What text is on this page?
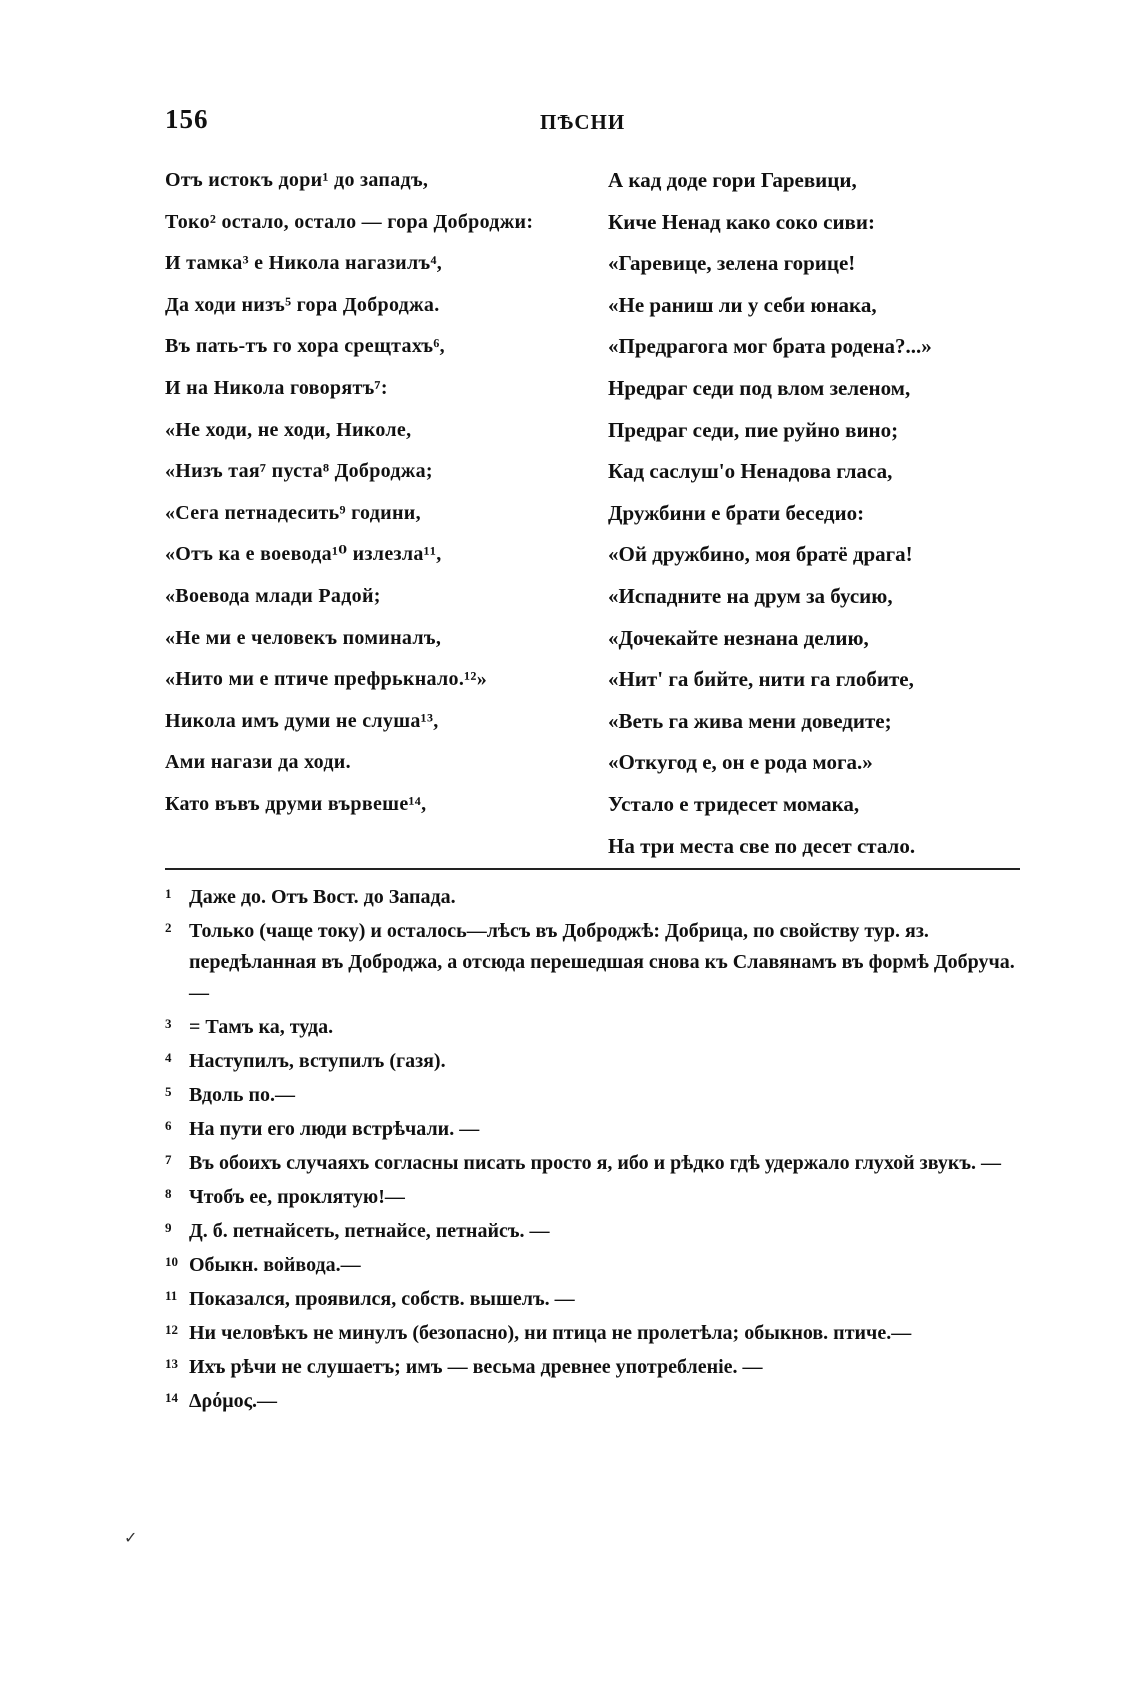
156	ПѢСНИ
Отъ истокъ дори¹ до западъ,
Токо² остало, остало — гора Доброджи:
И тамка³ е Никола нагазилъ⁴,
Да ходи низъ⁵ гора Доброджа.
Въ пать-тъ го хора срещтахъ⁶,
И на Никола говорятъ⁷:
«Не ходи, не ходи, Николе,
«Низъ тая⁷ пуста⁸ Доброджа;
«Сега петнадесить⁹ години,
«Отъ ка е воевода¹⁰ излезла¹¹,
«Воевода млади Радой;
«Не ми е человекъ поминалъ,
«Нито ми е птиче префрькнало.¹²»
Никола имъ думи не слуша¹³,
Ами нагази да ходи.
Като въвъ друми вървеше¹⁴,
А кад доде гори Гаревици,
Киче Ненад како соко сиви:
«Гаревице, зелена горице!
«Не раниш ли у себи юнака,
«Предрагога мог брата родена?...»
Нредраг седи под влом зеленом,
Предраг седи, пие руйно вино;
Кад саслуш'о Ненадова гласа,
Дружбини е брати беседио:
«Ой дружбино, моя братё драга!
«Испадните на друм за бусию,
«Дочекайте незнана делию,
«Нит' га бийте, нити га глобите,
«Веть га жива мени доведите;
«Откугод е, он е рода мога.»
Устало е тридесет момака,
На три места све по десет стало.
1 Даже до. Отъ Вост. до Запада.
2 Только (чаще току) и осталось—лѣсъ въ Доброджѣ: Добрица, по свойству тур. яз. передѣланная въ Доброджа, а отсюда перешедшая снова къ Славянамъ въ формѣ Добруча. —
3 = Тамъ ка, туда.
4 Наступилъ, вступилъ (газя).
5 Вдоль по.—
6 На пути его люди встрѣчали. —
7 Въ обоихъ случаяхъ согласны писать просто я, ибо и рѣдко гдѣ удержало глухой звукъ. —
8 Чтобъ ее, проклятую!—
9 Д. б. петнайсеть, петнайсе, петнайсъ. —
10 Обыкн. войвода.—
11 Показался, проявился, собств. вышелъ. —
12 Ни человѣкъ не минулъ (безопасно), ни птица не пролетѣла; обыкнов. птиче.—
13 Ихъ рѣчи не слушаетъ; имъ — весьма древнее употребленіе. —
14 Δρόμος.—
✓
